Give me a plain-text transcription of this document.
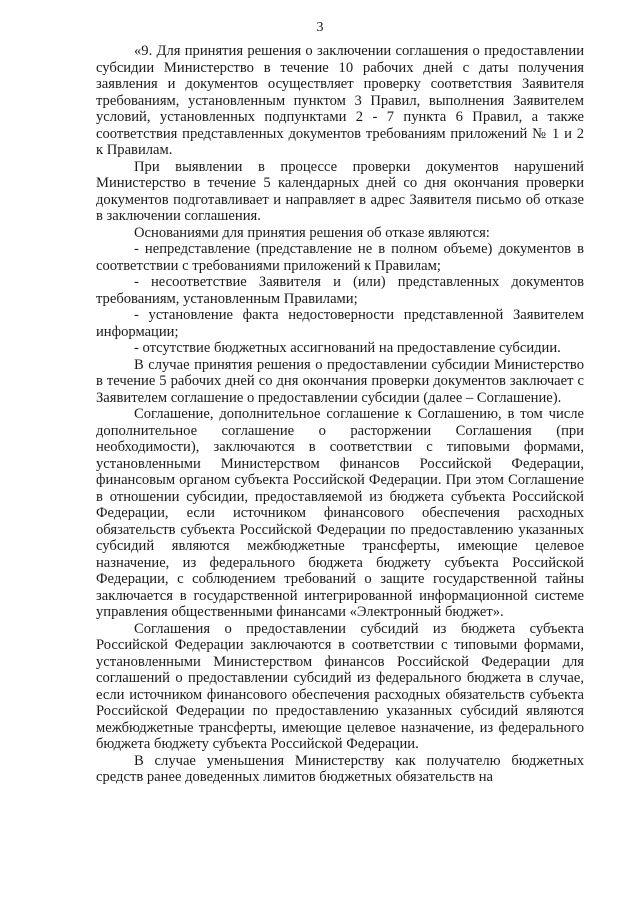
3

«9. Для принятия решения о заключении соглашения о предоставлении субсидии Министерство в течение 10 рабочих дней с даты получения заявления и документов осуществляет проверку соответствия Заявителя требованиям, установленным пунктом 3 Правил, выполнения Заявителем условий, установленных подпунктами 2 - 7 пункта 6 Правил, а также соответствия представленных документов требованиям приложений № 1 и 2 к Правилам.

При выявлении в процессе проверки документов нарушений Министерство в течение 5 календарных дней со дня окончания проверки документов подготавливает и направляет в адрес Заявителя письмо об отказе в заключении соглашения.

Основаниями для принятия решения об отказе являются:

- непредставление (представление не в полном объеме) документов в соответствии с требованиями приложений к Правилам;

- несоответствие Заявителя и (или) представленных документов требованиям, установленным Правилами;

- установление факта недостоверности представленной Заявителем информации;

- отсутствие бюджетных ассигнований на предоставление субсидии.

В случае принятия решения о предоставлении субсидии Министерство в течение 5 рабочих дней со дня окончания проверки документов заключает с Заявителем соглашение о предоставлении субсидии (далее – Соглашение).

Соглашение, дополнительное соглашение к Соглашению, в том числе дополнительное соглашение о расторжении Соглашения (при необходимости), заключаются в соответствии с типовыми формами, установленными Министерством финансов Российской Федерации, финансовым органом субъекта Российской Федерации. При этом Соглашение в отношении субсидии, предоставляемой из бюджета субъекта Российской Федерации, если источником финансового обеспечения расходных обязательств субъекта Российской Федерации по предоставлению указанных субсидий являются межбюджетные трансферты, имеющие целевое назначение, из федерального бюджета бюджету субъекта Российской Федерации, с соблюдением требований о защите государственной тайны заключается в государственной интегрированной информационной системе управления общественными финансами «Электронный бюджет».

Соглашения о предоставлении субсидий из бюджета субъекта Российской Федерации заключаются в соответствии с типовыми формами, установленными Министерством финансов Российской Федерации для соглашений о предоставлении субсидий из федерального бюджета в случае, если источником финансового обеспечения расходных обязательств субъекта Российской Федерации по предоставлению указанных субсидий являются межбюджетные трансферты, имеющие целевое назначение, из федерального бюджета бюджету субъекта Российской Федерации.

В случае уменьшения Министерству как получателю бюджетных средств ранее доведенных лимитов бюджетных обязательств на
